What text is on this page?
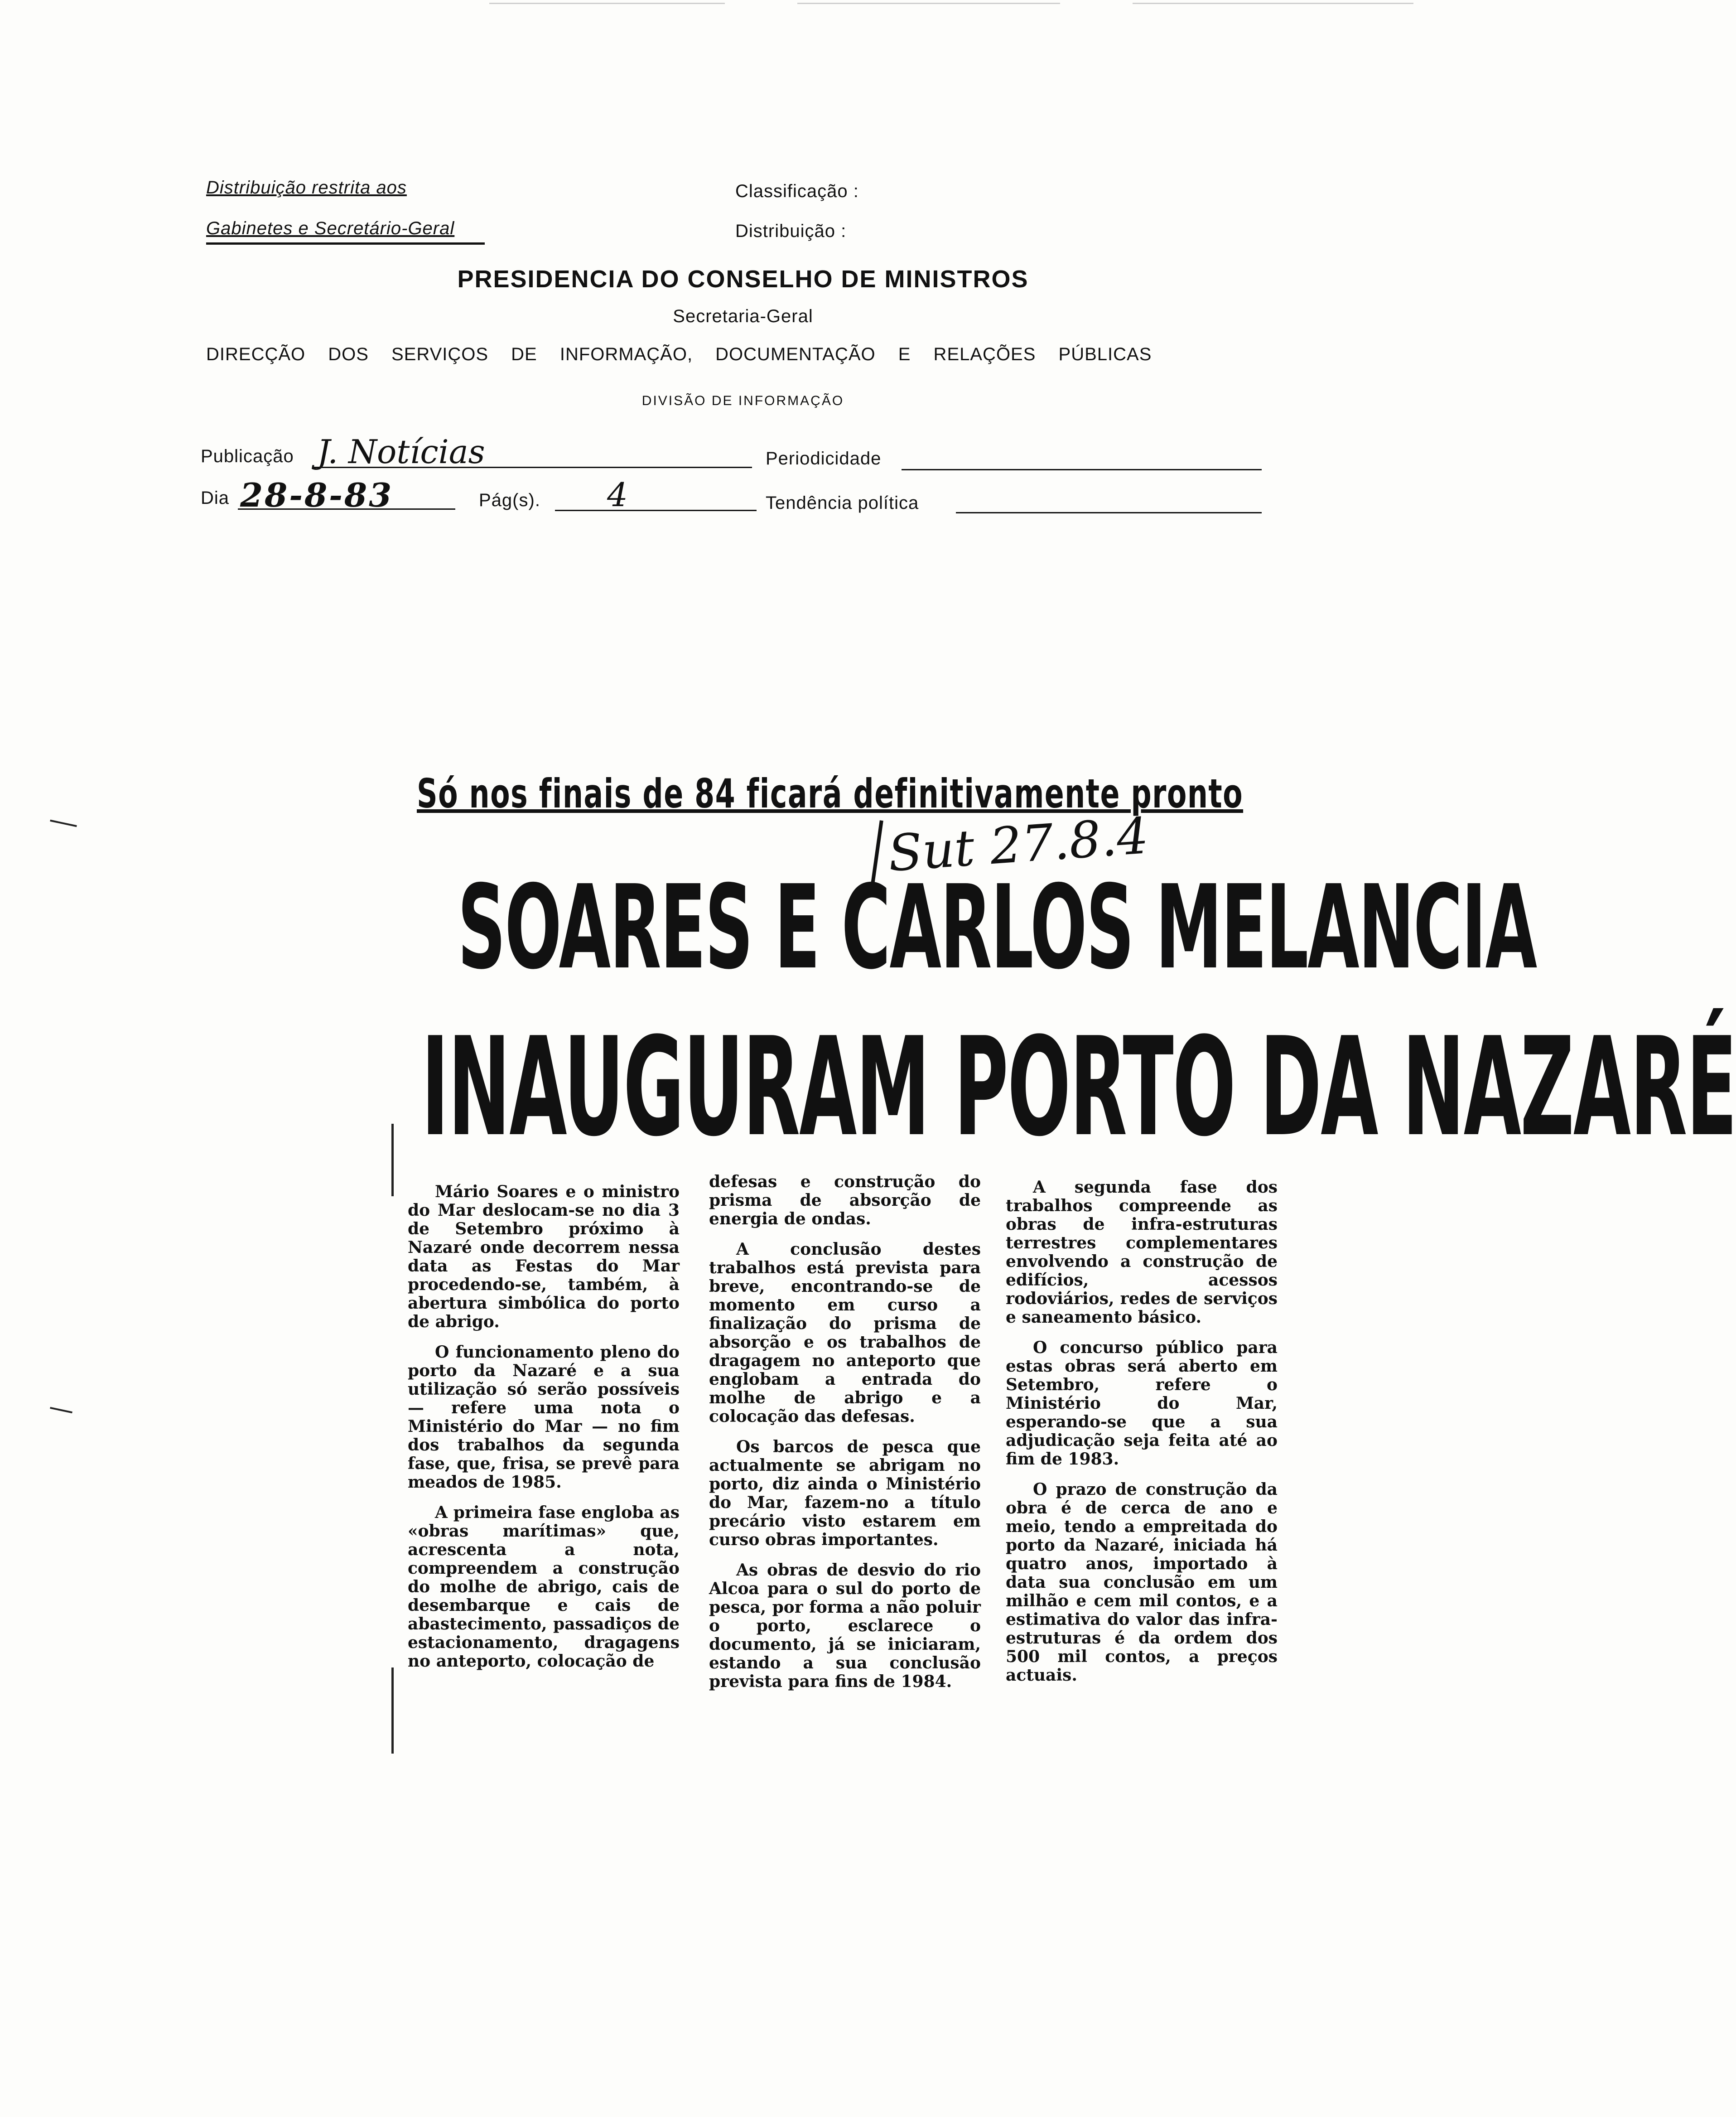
Distribuição restrita aos
Gabinetes e Secretário-Geral
Classificação :
Distribuição :
PRESIDENCIA DO CONSELHO DE MINISTROS
Secretaria-Geral
DIRECÇÃO DOS SERVIÇOS DE INFORMAÇÃO, DOCUMENTAÇÃO E RELAÇÕES PÚBLICAS
DIVISÃO DE INFORMAÇÃO
Publicação J. Notícias	Periodicidade
Dia 28-8-83	Pág(s). 4	Tendência política
Só nos finais de 84 ficará definitivamente pronto
Sut 27.8.4
SOARES E CARLOS MELANCIA
INAUGURAM PORTO DA NAZARÉ

Mário Soares e o ministro do Mar deslocam-se no dia 3 de Setembro próximo à Nazaré onde decorrem nessa data as Festas do Mar procedendo-se, também, à abertura simbólica do porto de abrigo.

O funcionamento pleno do porto da Nazaré e a sua utilização só serão possíveis — refere uma nota o Ministério do Mar — no fim dos trabalhos da segunda fase, que, frisa, se prevê para meados de 1985.

A primeira fase engloba as «obras marítimas» que, acrescenta a nota, compreendem a construção do molhe de abrigo, cais de desembarque e cais de abastecimento, passadiços de estacionamento, dragagens no anteporto, colocação de

defesas e construção do prisma de absorção de energia de ondas.

A conclusão destes trabalhos está prevista para breve, encontrando-se de momento em curso a finalização do prisma de absorção e os trabalhos de dragagem no anteporto que englobam a entrada do molhe de abrigo e a colocação das defesas.

Os barcos de pesca que actualmente se abrigam no porto, diz ainda o Ministério do Mar, fazem-no a título precário visto estarem em curso obras importantes.

As obras de desvio do rio Alcoa para o sul do porto de pesca, por forma a não poluir o porto, esclarece o documento, já se iniciaram, estando a sua conclusão prevista para fins de 1984.

A segunda fase dos trabalhos compreende as obras de infra-estruturas terrestres complementares envolvendo a construção de edifícios, acessos rodoviários, redes de serviços e saneamento básico.

O concurso público para estas obras será aberto em Setembro, refere o Ministério do Mar, esperando-se que a sua adjudicação seja feita até ao fim de 1983.

O prazo de construção da obra é de cerca de ano e meio, tendo a empreitada do porto da Nazaré, iniciada há quatro anos, importado à data sua conclusão em um milhão e cem mil contos, e a estimativa do valor das infra-estruturas é da ordem dos 500 mil contos, a preços actuais.
